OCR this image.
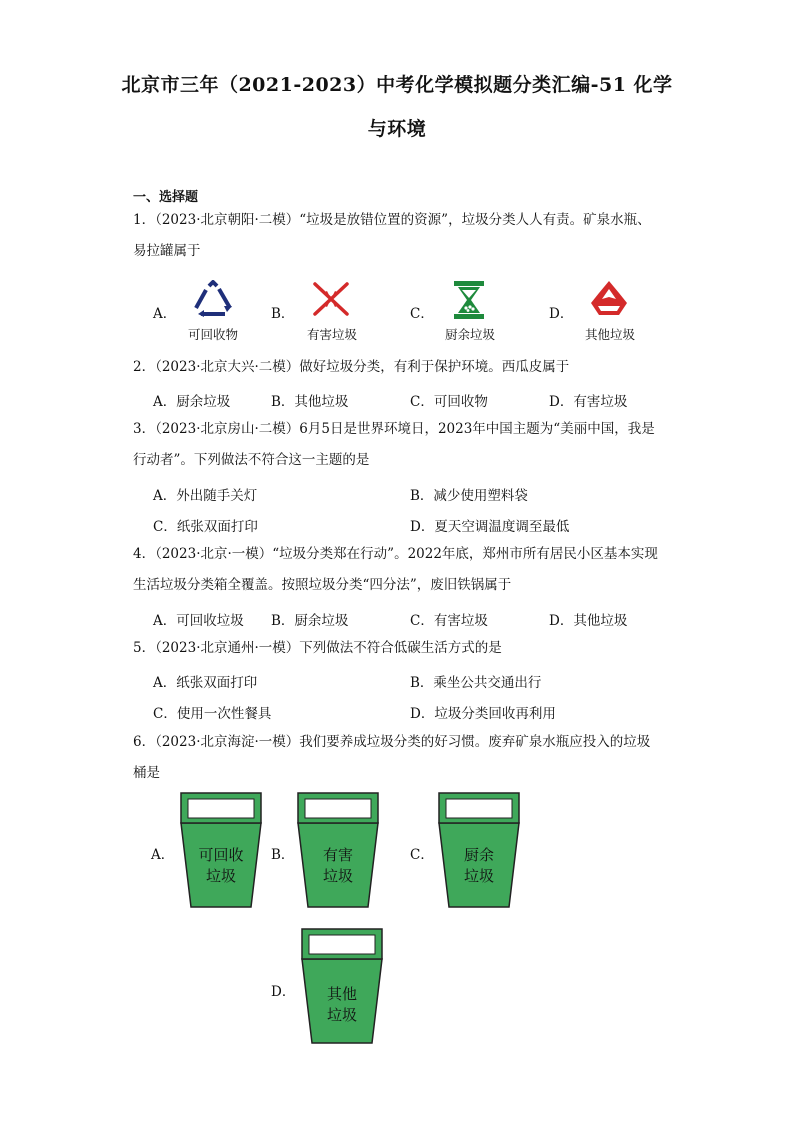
北京市三年（2021-2023）中考化学模拟题分类汇编-51 化学
与环境
一、选择题
1．（2023·北京朝阳·二模）“垃圾是放错位置的资源”，垃圾分类人人有责。矿泉水瓶、
易拉罐属于
A．
可回收物
B．
有害垃圾
C．
厨余垃圾
D．
其他垃圾
2．（2023·北京大兴·二模）做好垃圾分类，有利于保护环境。西瓜皮属于
A．厨余垃圾	B．其他垃圾	C．可回收物	D．有害垃圾
3．（2023·北京房山·二模）6月5日是世界环境日，2023年中国主题为“美丽中国，我是
行动者”。下列做法不符合这一主题的是
A．外出随手关灯	B．减少使用塑料袋
C．纸张双面打印	D．夏天空调温度调至最低
4．（2023·北京·一模）“垃圾分类郑在行动”。2022年底，郑州市所有居民小区基本实现
生活垃圾分类箱全覆盖。按照垃圾分类“四分法”，废旧铁锅属于
A．可回收垃圾 B．厨余垃圾	C．有害垃圾	D．其他垃圾
5．（2023·北京通州·一模）下列做法不符合低碳生活方式的是
A．纸张双面打印	B．乘坐公共交通出行
C．使用一次性餐具	D．垃圾分类回收再利用
6．（2023·北京海淀·一模）我们要养成垃圾分类的好习惯。废弃矿泉水瓶应投入的垃圾
桶是
A．	可回收
垃圾
B．	有害
垃圾
C．	厨余
垃圾
D．	其他
垃圾
